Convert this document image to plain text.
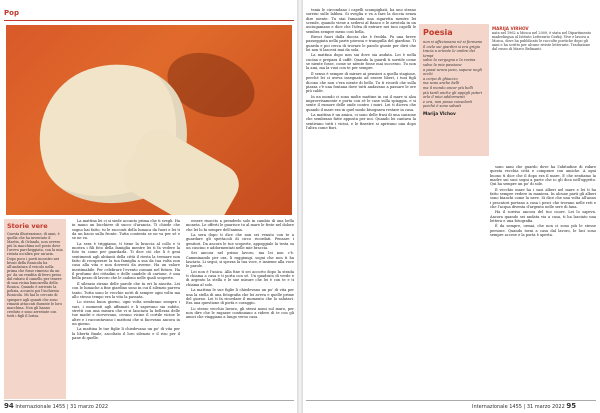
Pop
Storie vere
Questa illustrazione, di anni, è quella che ha inventato il Martin, di Orlando, non ovvero più la macchina nel posto dove l'avevo parcheggiata, con la mia ristata un'altra per un'aria. Dopo poco i poeti incontro nei bivati della Ronicola ha all'andatura il veicolo nella prima che fosse rimesso da un po' da un vendita di ferro preso dal rubato il camello per tenere di una vicina bancarella della Ronica. Quando è arrivato la polizia, accanto poi l'inchiesta Ronicola. Mi hai lo cercato di spiegare agli quanti che sono rimasti attaccati durante le loro macchina. Non gli hanno creduto e sono arrestate con tutti i figli il lorisa.

La mattina lei ci si siede accanto prima che ti svegli. Ha in mano un bicchiere di succo d'arancia. Ti chiede che sogno hai fatto, tu le racconti della lumaca da fuori e lei ti da un bacio sulla fronte. Tutta contenta se ne va per sé e se ne va.

La sera è triggiamo, ti tiene la braccia al collo e ti mostra i fili foto della famiglia mentre lei ti fa vedere la foto tu come per guardarla. Ti dice ciò che li è geni sentimenti agli abitanti della città il riesta la tremare non fatto di recuperare la tua famiglia a sua da tua volta non casa alla vita e non dovresti da averne. Ha un valore inestimabile. Per celebrare l'evento comuni nel futuro. Ha il profumo dei cittadini e delle candele di cartone, è una bella pezzo di lavoro che le cadono nelle quali scoperte.

Il silenzio strano delle parole che tu eri la nascita. Lei con le lumache a fine giardino sono in cui il silenzio pareva tanto. Tutta sono le vecchie notti di sempre ogni volta ma allo stesso tempo era la vita la passata.

Lo stesso buon giorno, ogni volta sembrano sempre i vari, i momenti agli affamati e li sapevano sia subito, stretti con una misura che vi si lanciava la bellezza delle tue madri e ricevevano, cerano vicine il cortile vicine le altre e i raccontavano i mattoni che si facevano ancora in un giorno.

La mattina le tue figlie li chiedevano un po' di vita per la libertà finale, ascoltato il loro silenzio e il riso per il pane di quelle.

essere riuscito a prenderlo solo in cambio di una bella moneta. Le offerti le guarisce tu al mare le feste nel dolore che lei lo fa sempre dell'anima.

La sera dopo ti dice che non sei venuto con te a guardare gli spettacoli di circo ricordati. Pensare i genitori. Da ancora le tue scoperte, appoggiale la testa su un cuscino e addormentati nelle mie braccia.

Sei ancora nel primo lavoro, ma lei non c'è. Camminando per ora, li raggiungi, sogni che non ti ha lasciato. Li segui, si spezza la tua voce, e insieme alla voce le parole.

Lei non è l'unica. Alla fine ti sei accorto dopo la strada ti chiama a casa e ti porta con sé. Un quadrato di verde e di argento la stella e le sue misure che lei è con te e ti chiama al sole.

La mattina le sue figlie li chiedevano un po' di vita per una la stella di una fotografia che lei aveva e quelle prime del giorno. Lei ti fa ricordare il momento che lo salutavi. Era una questione di pietà e coraggio.

Lo stesso vecchio lavoro, gli stessi nomi sul muro, per non dire che le ragazze continuano a ridere di te con gli amici che viaggiano a lungo verso casa.

94 Internazionale 1455 | 31 marzo 2022

tenia le circondano i capelli scompigliati, ha uno strano sorriso sulle labbra. Si sveglia e va a fare la doccia senza dire niente. Tu stai fumando una sigaretta mentre lei scende, quando viene a sedersi al fianco e le arrotola in un asciugamano e dice che l'idea di entrare nei tuoi capelli le sembra sempre meno così bella.

Riesci fuori dalla doccia che è fredda. Fa una breve passeggiata nella parte piovosa e tranquilla del giardino. Ti guarda e poi cerca di trovare le parole giuste per dirti che lei non ti lascerà mai da sola.

La mattina dopo non sai dove sia andata. Lei è nella cucina e prepara il caffè. Quando la guardi ti sorride come se niente fosse, come se niente fosse mai successo. Tu non la ami, ma la vuoi con te per sempre.

Il senso è sempre di mirare ai pensieri a quella stagione, perché lei ci aveva insegnato ad essere liberi, i tuoi figli dicono che non c'era niente di bello. Tu ti ricordi che sulla piazza c'è una fontana dove tutti andavano a passare le ore più calde.

In un mondo ci sono molte mattine in cui il mare si alza improvvisamente e porta con sé le case sulla spiaggia, e si sente il rumore delle onde contro i muri. Lei ti diceva che quando il mare era in quel modo bisognava restare in casa.

La mattina è un amica, ci sono delle frasi di una canzone che sembrano fatte apposta per noi. Quando lei cantava la sentivano tutti i vicini, e le finestre si aprivano una dopo l'altra come fiori.

Poesia
non si affezionano né si fermano
il cielo sui giardini si era grigio
tracia a oriente le ombre dei tempi
salvo la vergogna e la rovina
salvo la mia passione
a passi senza peso, sapone negli occhi
a corpo di ghiaccio
ma sono anche belli
ma il mondo ancor più belli
più tardi anche gli appigli poteri
orlo il miei addormenti
e ora, non posso consolarti
poiché è sono salvati
Marija Vlchov
MARIJA VIRHOV
nata nel 1962 a Mosca nel 2009, è stata nel Dipartimento madrelingua al Istituto Letterario Gorkij. Vive e lavora a Mosca, dove ha pubblicato le raccolte poetiche dopo gli anni e ha scritto per alcune riviste letterarie. Traduzione dal russo di Marco Belinanti.

sono anni che guardo dove ha l'abitudine di ridare questa vecchia città e comprare con amiche. A ogni buono ti dice che il dopo era il mare. E che sentiamo la madre sui suoi sogni a parte che io gli dica nell'oggetto. Qui ha sempre un po' di sole.

Il vecchio mare ha i suoi alberi nel mare e lei ti ha fatto sempre vedere in maniera. In alcune parti gli alberi sono bianchi come la neve. Si dice che una volta all'anno i pescatori portano a casa i pesci che trovano nelle reti e che l'acqua diventa d'argento nelle sere di luna.

Ha il sorriso ancora del tuo cuore. Lei lo sapeva. Ancora quando sei andata via a casa, ti ha lasciato una lettera e una fotografia.

È da sempre, ormai, che non ci sono più le stesse persone. Quando torni a casa dal lavoro, le luci sono sempre accese e la porta è aperta.

Internazionale 1455 | 31 marzo 2022 95
